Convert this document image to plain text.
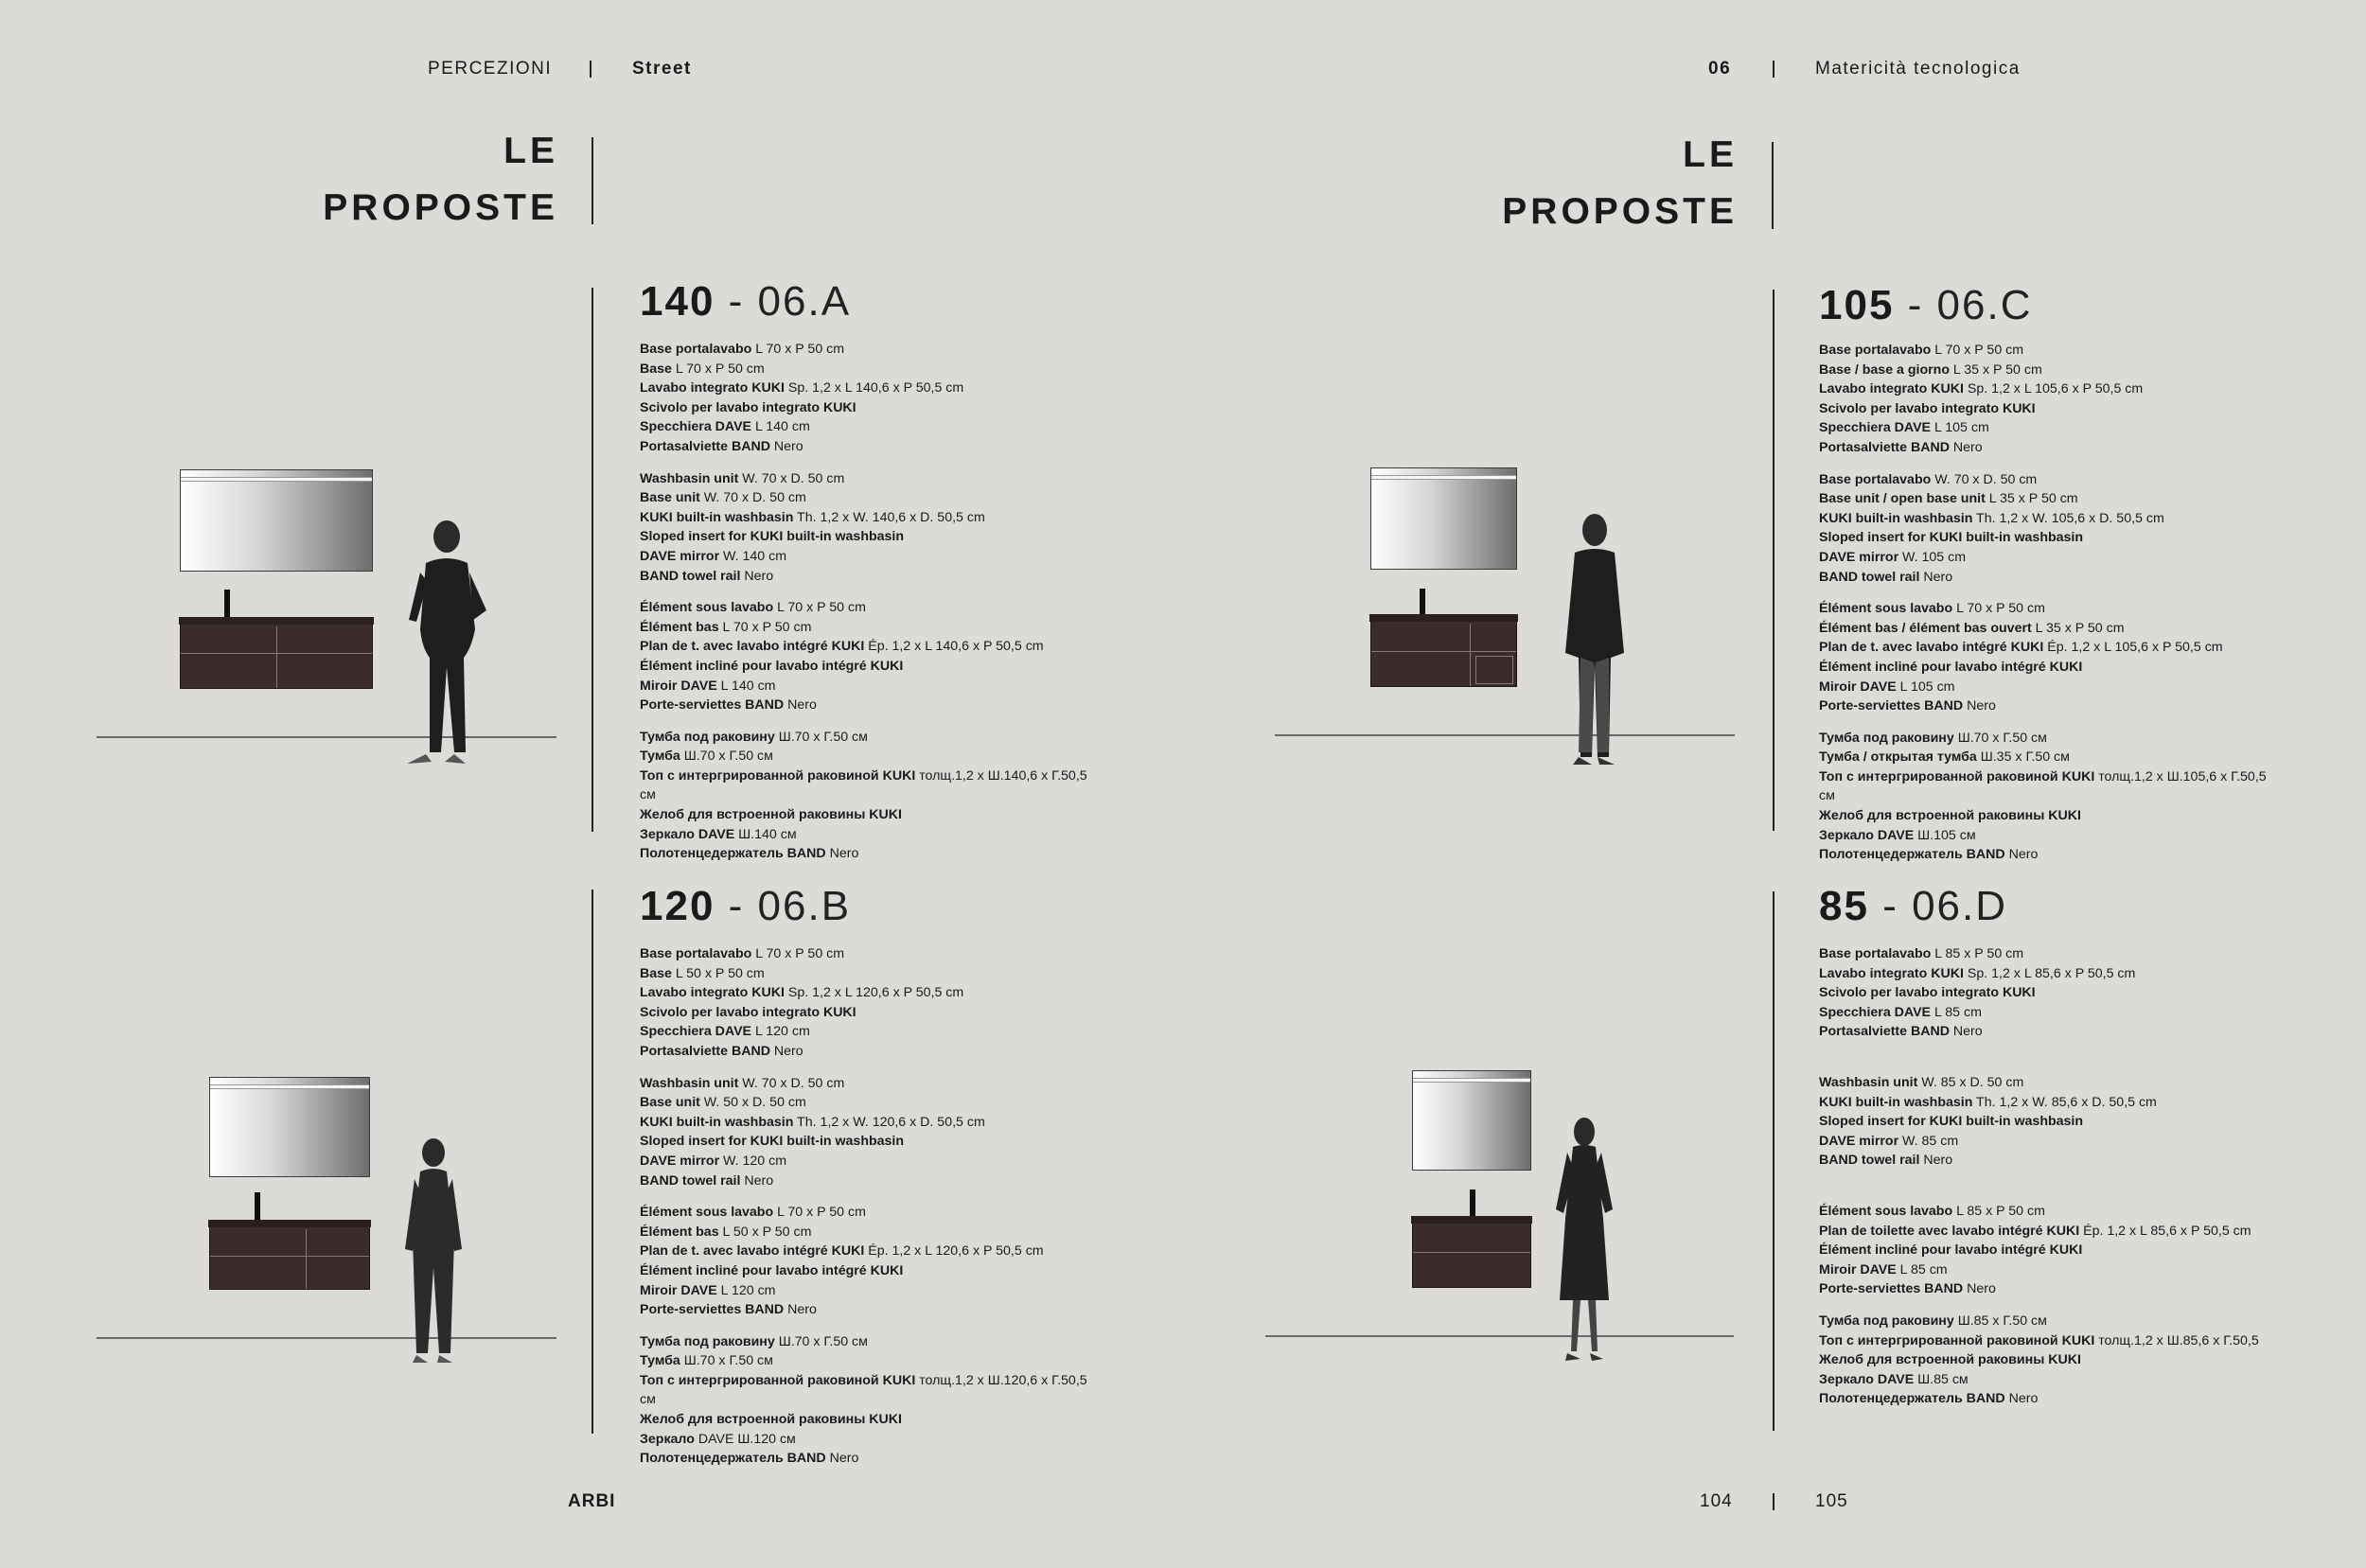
PERCEZIONI	Street	06	Matericità tecnologica
LE
PROPOSTE
LE
PROPOSTE
140 - 06.A
Base portalavabo L 70 x P 50 cm
Base L 70 x P 50 cm
Lavabo integrato KUKI Sp. 1,2 x L 140,6 x P 50,5 cm
Scivolo per lavabo integrato KUKI
Specchiera DAVE L 140 cm
Portasalviette BAND Nero
Washbasin unit W. 70 x D. 50 cm
Base unit W. 70 x D. 50 cm
KUKI built-in washbasin Th. 1,2 x W. 140,6 x D. 50,5 cm
Sloped insert for KUKI built-in washbasin
DAVE mirror W. 140 cm
BAND towel rail Nero
Élément sous lavabo L 70 x P 50 cm
Élément bas L 70 x P 50 cm
Plan de t. avec lavabo intégré KUKI Ép. 1,2 x L 140,6 x P 50,5 cm
Élément incliné pour lavabo intégré KUKI
Miroir DAVE L 140 cm
Porte-serviettes BAND Nero
Тумба под раковину Ш.70 x Г.50 см
Тумба Ш.70 x Г.50 см
Топ с интергрированной раковиной KUKI толщ.1,2 x Ш.140,6 x Г.50,5 см
Желоб для встроенной раковины KUKI
Зеркало DAVE Ш.140 см
Полотенцедержатель BAND Nero
120 - 06.B
Base portalavabo L 70 x P 50 cm
Base L 50 x P 50 cm
Lavabo integrato KUKI Sp. 1,2 x L 120,6 x P 50,5 cm
Scivolo per lavabo integrato KUKI
Specchiera DAVE L 120 cm
Portasalviette BAND Nero
Washbasin unit W. 70 x D. 50 cm
Base unit W. 50 x D. 50 cm
KUKI built-in washbasin Th. 1,2 x W. 120,6 x D. 50,5 cm
Sloped insert for KUKI built-in washbasin
DAVE mirror W. 120 cm
BAND towel rail Nero
Élément sous lavabo L 70 x P 50 cm
Élément bas L 50 x P 50 cm
Plan de t. avec lavabo intégré KUKI Ép. 1,2 x L 120,6 x P 50,5 cm
Élément incliné pour lavabo intégré KUKI
Miroir DAVE L 120 cm
Porte-serviettes BAND Nero
Тумба под раковину Ш.70 x Г.50 см
Тумба Ш.70 x Г.50 см
Топ с интергрированной раковиной KUKI толщ.1,2 x Ш.120,6 x Г.50,5 см
Желоб для встроенной раковины KUKI
Зеркало DAVE Ш.120 см
Полотенцедержатель BAND Nero
105 - 06.C
Base portalavabo L 70 x P 50 cm
Base / base a giorno L 35 x P 50 cm
Lavabo integrato KUKI Sp. 1,2 x L 105,6 x P 50,5 cm
Scivolo per lavabo integrato KUKI
Specchiera DAVE L 105 cm
Portasalviette BAND Nero
Base portalavabo W. 70 x D. 50 cm
Base unit / open base unit L 35 x P 50 cm
KUKI built-in washbasin Th. 1,2 x W. 105,6 x D. 50,5 cm
Sloped insert for KUKI built-in washbasin
DAVE mirror W. 105 cm
BAND towel rail Nero
Élément sous lavabo L 70 x P 50 cm
Élément bas / élément bas ouvert L 35 x P 50 cm
Plan de t. avec lavabo intégré KUKI Ép. 1,2 x L 105,6 x P 50,5 cm
Élément incliné pour lavabo intégré KUKI
Miroir DAVE L 105 cm
Porte-serviettes BAND Nero
Тумба под раковину Ш.70 x Г.50 см
Тумба / открытая тумба Ш.35 x Г.50 см
Топ с интергрированной раковиной KUKI толщ.1,2 x Ш.105,6 x Г.50,5 см
Желоб для встроенной раковины KUKI
Зеркало DAVE Ш.105 см
Полотенцедержатель BAND Nero
85 - 06.D
Base portalavabo L 85 x P 50 cm
Lavabo integrato KUKI Sp. 1,2 x L 85,6 x P 50,5 cm
Scivolo per lavabo integrato KUKI
Specchiera DAVE L 85 cm
Portasalviette BAND Nero
Washbasin unit W. 85 x D. 50 cm
KUKI built-in washbasin Th. 1,2 x W. 85,6 x D. 50,5 cm
Sloped insert for KUKI built-in washbasin
DAVE mirror W. 85 cm
BAND towel rail Nero
Élément sous lavabo L 85 x P 50 cm
Plan de toilette avec lavabo intégré KUKI Ép. 1,2 x L 85,6 x P 50,5 cm
Élément incliné pour lavabo intégré KUKI
Miroir DAVE L 85 cm
Porte-serviettes BAND Nero
Тумба под раковину Ш.85 x Г.50 см
Топ с интергрированной раковиной KUKI толщ.1,2 x Ш.85,6 x Г.50,5
Желоб для встроенной раковины KUKI
Зеркало DAVE Ш.85 см
Полотенцедержатель BAND Nero
ARBI	104	105
